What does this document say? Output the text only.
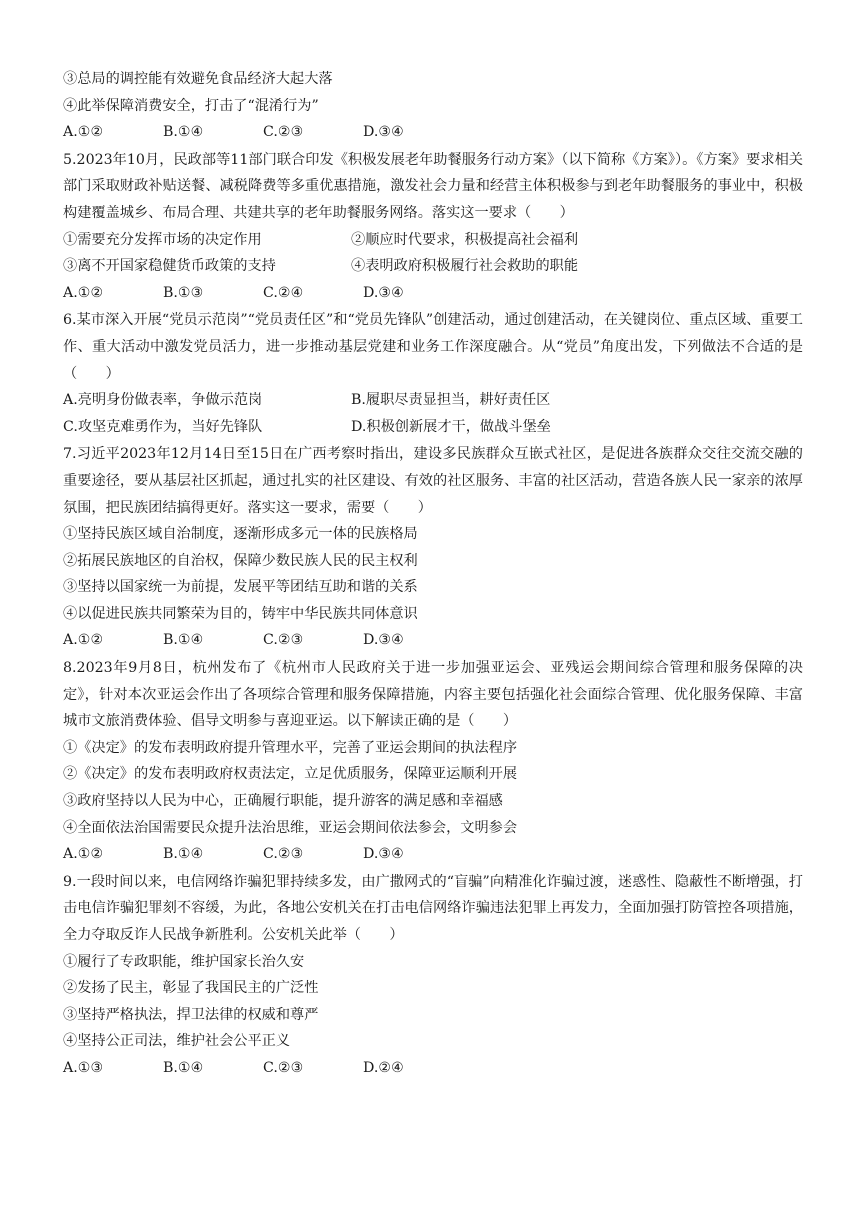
③总局的调控能有效避免食品经济大起大落
④此举保障消费安全，打击了“混淆行为”
A.①②	B.①④	C.②③	D.③④
5.2023年10月，民政部等11部门联合印发《积极发展老年助餐服务行动方案》（以下简称《方案》）。《方案》要求相关部门采取财政补贴送餐、减税降费等多重优惠措施，激发社会力量和经营主体积极参与到老年助餐服务的事业中，积极构建覆盖城乡、布局合理、共建共享的老年助餐服务网络。落实这一要求（　　）
①需要充分发挥市场的决定作用	②顺应时代要求，积极提高社会福利
③离不开国家稳健货币政策的支持	④表明政府积极履行社会救助的职能
A.①②	B.①③	C.②④	D.③④
6.某市深入开展“党员示范岗”“党员责任区”和“党员先锋队”创建活动，通过创建活动，在关键岗位、重点区域、重要工作、重大活动中激发党员活力，进一步推动基层党建和业务工作深度融合。从“党员”角度出发，下列做法不合适的是（　　）
A.亮明身份做表率，争做示范岗	B.履职尽责显担当，耕好责任区
C.攻坚克难勇作为，当好先锋队	D.积极创新展才干，做战斗堡垒
7.习近平2023年12月14日至15日在广西考察时指出，建设多民族群众互嵌式社区，是促进各族群众交往交流交融的重要途径，要从基层社区抓起，通过扎实的社区建设、有效的社区服务、丰富的社区活动，营造各族人民一家亲的浓厚氛围，把民族团结搞得更好。落实这一要求，需要（　　）
①坚持民族区域自治制度，逐渐形成多元一体的民族格局
②拓展民族地区的自治权，保障少数民族人民的民主权利
③坚持以国家统一为前提，发展平等团结互助和谐的关系
④以促进民族共同繁荣为目的，铸牢中华民族共同体意识
A.①②	B.①④	C.②③	D.③④
8.2023年9月8日，杭州发布了《杭州市人民政府关于进一步加强亚运会、亚残运会期间综合管理和服务保障的决定》，针对本次亚运会作出了各项综合管理和服务保障措施，内容主要包括强化社会面综合管理、优化服务保障、丰富城市文旅消费体验、倡导文明参与喜迎亚运。以下解读正确的是（　　）
①《决定》的发布表明政府提升管理水平，完善了亚运会期间的执法程序
②《决定》的发布表明政府权责法定，立足优质服务，保障亚运顺利开展
③政府坚持以人民为中心，正确履行职能，提升游客的满足感和幸福感
④全面依法治国需要民众提升法治思维，亚运会期间依法参会，文明参会
A.①②	B.①④	C.②③	D.③④
9.一段时间以来，电信网络诈骗犯罪持续多发，由广撒网式的“盲骗”向精准化诈骗过渡，迷惑性、隐蔽性不断增强，打击电信诈骗犯罪刻不容缓，为此，各地公安机关在打击电信网络诈骗违法犯罪上再发力，全面加强打防管控各项措施，全力夺取反诈人民战争新胜利。公安机关此举（　　）
①履行了专政职能，维护国家长治久安
②发扬了民主，彰显了我国民主的广泛性
③坚持严格执法，捍卫法律的权威和尊严
④坚持公正司法，维护社会公平正义
A.①③	B.①④	C.②③	D.②④
